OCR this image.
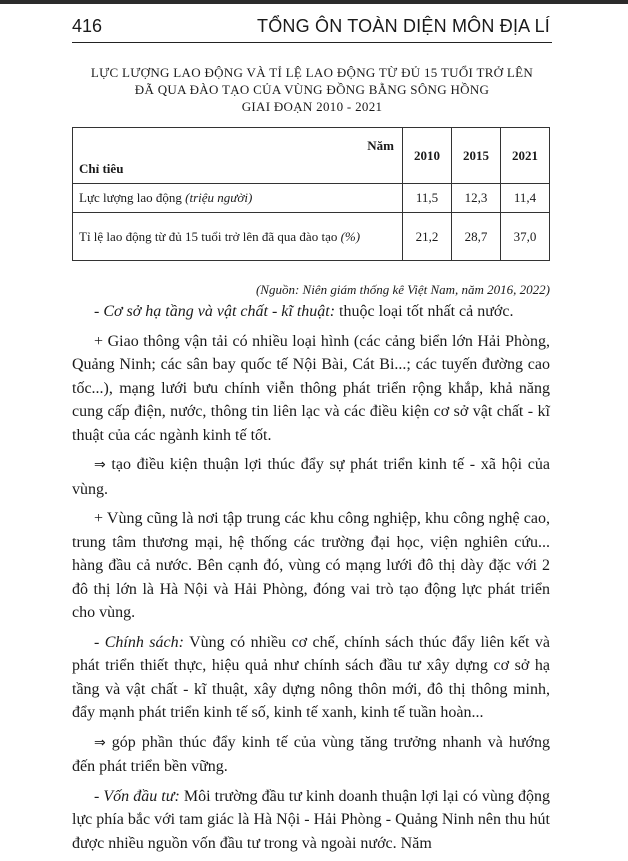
416	TỔNG ÔN TOÀN DIỆN MÔN ĐỊA LÍ
LỰC LƯỢNG LAO ĐỘNG VÀ TỈ LỆ LAO ĐỘNG TỪ ĐỦ 15 TUỔI TRỞ LÊN
ĐÃ QUA ĐÀO TẠO CỦA VÙNG ĐỒNG BẰNG SÔNG HỒNG
GIAI ĐOẠN 2010 - 2021
Năm
Chỉ tiêu	2010	2015	2021
Lực lượng lao động (triệu người)	11,5	12,3	11,4
Tỉ lệ lao động từ đủ 15 tuổi trở lên đã qua đào tạo (%)	21,2	28,7	37,0
(Nguồn: Niên giám thống kê Việt Nam, năm 2016, 2022)

- Cơ sở hạ tầng và vật chất - kĩ thuật: thuộc loại tốt nhất cả nước.

+ Giao thông vận tải có nhiều loại hình (các cảng biển lớn Hải Phòng, Quảng Ninh; các sân bay quốc tế Nội Bài, Cát Bi...; các tuyến đường cao tốc...), mạng lưới bưu chính viễn thông phát triển rộng khắp, khả năng cung cấp điện, nước, thông tin liên lạc và các điều kiện cơ sở vật chất - kĩ thuật của các ngành kinh tế tốt.

⇒ tạo điều kiện thuận lợi thúc đẩy sự phát triển kinh tế - xã hội của vùng.

+ Vùng cũng là nơi tập trung các khu công nghiệp, khu công nghệ cao, trung tâm thương mại, hệ thống các trường đại học, viện nghiên cứu... hàng đầu cả nước. Bên cạnh đó, vùng có mạng lưới đô thị dày đặc với 2 đô thị lớn là Hà Nội và Hải Phòng, đóng vai trò tạo động lực phát triển cho vùng.

- Chính sách: Vùng có nhiều cơ chế, chính sách thúc đẩy liên kết và phát triển thiết thực, hiệu quả như chính sách đầu tư xây dựng cơ sở hạ tầng và vật chất - kĩ thuật, xây dựng nông thôn mới, đô thị thông minh, đẩy mạnh phát triển kinh tế số, kinh tế xanh, kinh tế tuần hoàn...

⇒ góp phần thúc đẩy kinh tế của vùng tăng trưởng nhanh và hướng đến phát triển bền vững.

- Vốn đầu tư: Môi trường đầu tư kinh doanh thuận lợi lại có vùng động lực phía bắc với tam giác là Hà Nội - Hải Phòng - Quảng Ninh nên thu hút được nhiều nguồn vốn đầu tư trong và ngoài nước. Năm
